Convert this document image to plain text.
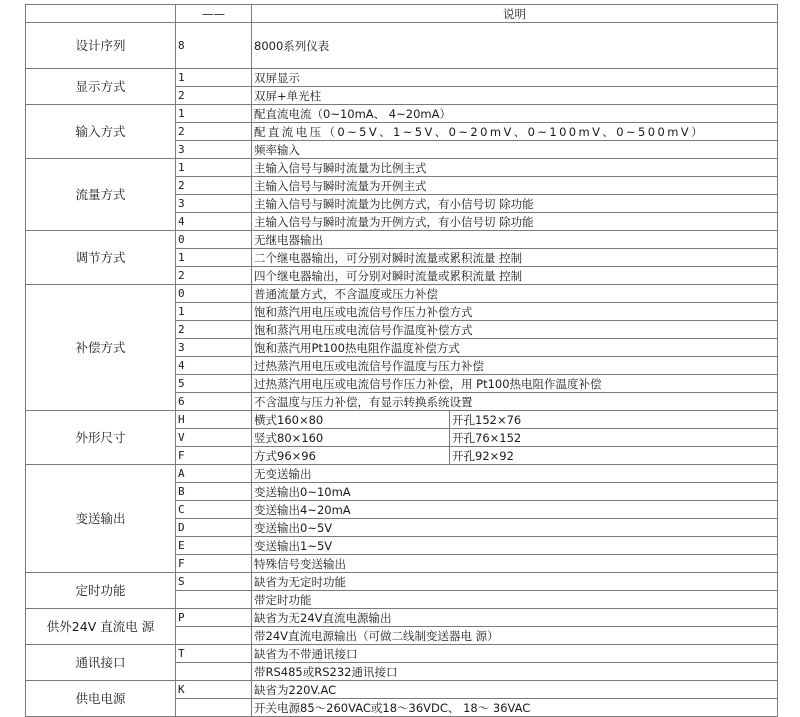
	——	说明	
设计序列	8	8000系列仪表	
显示方式	1	双屏显示	
	2	双屏+单光柱	
输入方式	1	配直流电流（0~10mA、 4~20mA）	
	2	配直流电压（0~5V、1~5V、0~20mV、0~100mV、0~500mV）	
	3	频率输入	
流量方式	1	主输入信号与瞬时流量为比例主式	
	2	主输入信号与瞬时流量为开例主式	
	3	主输入信号与瞬时流量为比例方式，有小信号切 除功能	
	4	主输入信号与瞬时流量为开例方式，有小信号切 除功能	
调节方式	0	无继电器输出	
	1	二个继电器输出，可分别对瞬时流量或累积流量 控制	
	2	四个继电器输出，可分别对瞬时流量或累积流量 控制	
补偿方式	0	普通流量方式，不含温度或压力补偿	
	1	饱和蒸汽用电压或电流信号作压力补偿方式	
	2	饱和蒸汽用电压或电流信号作温度补偿方式	
	3	饱和蒸汽用Pt100热电阻作温度补偿方式	
	4	过热蒸汽用电压或电流信号作温度与压力补偿	
	5	过热蒸汽用电压或电流信号作压力补偿，用 Pt100热电阻作温度补偿	
	6	不含温度与压力补偿，有显示转换系统设置	
外形尺寸	H	横式160×80	开孔152×76
	V	竖式80×160	开孔76×152
	F	方式96×96	开孔92×92
变送输出	A	无变送输出	
	B	变送输出0~10mA	
	C	变送输出4~20mA	
	D	变送输出0~5V	
	E	变送输出1~5V	
	F	特殊信号变送输出	
定时功能	S	缺省为无定时功能	
		带定时功能	
供外24V 直流电 源	P	缺省为无24V直流电源输出	
		带24V直流电源输出（可做二线制变送器电 源）	
通讯接口	T	缺省为不带通讯接口	
		带RS485或RS232通讯接口	
供电电源	K	缺省为220V.AC	
		开关电源85～260VAC或18～36VDC、 18～ 36VAC	
